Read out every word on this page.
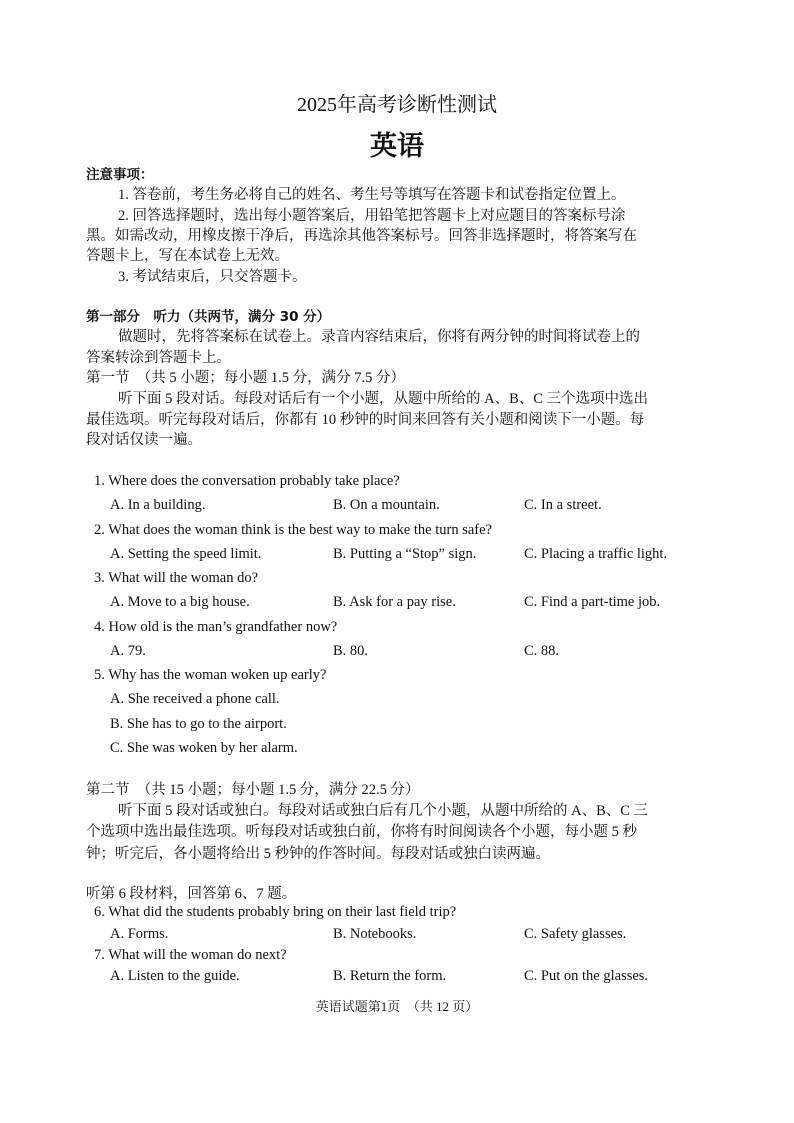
2025年高考诊断性测试
英语
注意事项：
1. 答卷前，考生务必将自己的姓名、考生号等填写在答题卡和试卷指定位置上。
2. 回答选择题时，选出每小题答案后，用铅笔把答题卡上对应题目的答案标号涂
黑。如需改动，用橡皮擦干净后，再选涂其他答案标号。回答非选择题时，将答案写在
答题卡上，写在本试卷上无效。
3. 考试结束后，只交答题卡。
第一部分　听力（共两节，满分 30 分）
做题时，先将答案标在试卷上。录音内容结束后，你将有两分钟的时间将试卷上的
答案转涂到答题卡上。
第一节　（共 5 小题；每小题 1.5 分，满分 7.5 分）
听下面 5 段对话。每段对话后有一个小题，从题中所给的 A、B、C 三个选项中选出
最佳选项。听完每段对话后，你都有 10 秒钟的时间来回答有关小题和阅读下一小题。每
段对话仅读一遍。
1. Where does the conversation probably take place?
A. In a building.	B. On a mountain.	C. In a street.
2. What does the woman think is the best way to make the turn safe?
A. Setting the speed limit.	B. Putting a “Stop” sign.	C. Placing a traffic light.
3. What will the woman do?
A. Move to a big house.	B. Ask for a pay rise.	C. Find a part-time job.
4. How old is the man’s grandfather now?
A. 79.	B. 80.	C. 88.
5. Why has the woman woken up early?
A. She received a phone call.
B. She has to go to the airport.
C. She was woken by her alarm.
第二节　（共 15 小题；每小题 1.5 分，满分 22.5 分）
听下面 5 段对话或独白。每段对话或独白后有几个小题，从题中所给的 A、B、C 三
个选项中选出最佳选项。听每段对话或独白前，你将有时间阅读各个小题，每小题 5 秒
钟；听完后，各小题将给出 5 秒钟的作答时间。每段对话或独白读两遍。
听第 6 段材料，回答第 6、7 题。
6. What did the students probably bring on their last field trip?
A. Forms.	B. Notebooks.	C. Safety glasses.
7. What will the woman do next?
A. Listen to the guide.	B. Return the form.	C. Put on the glasses.
英语试题第1页　（共 12 页）
